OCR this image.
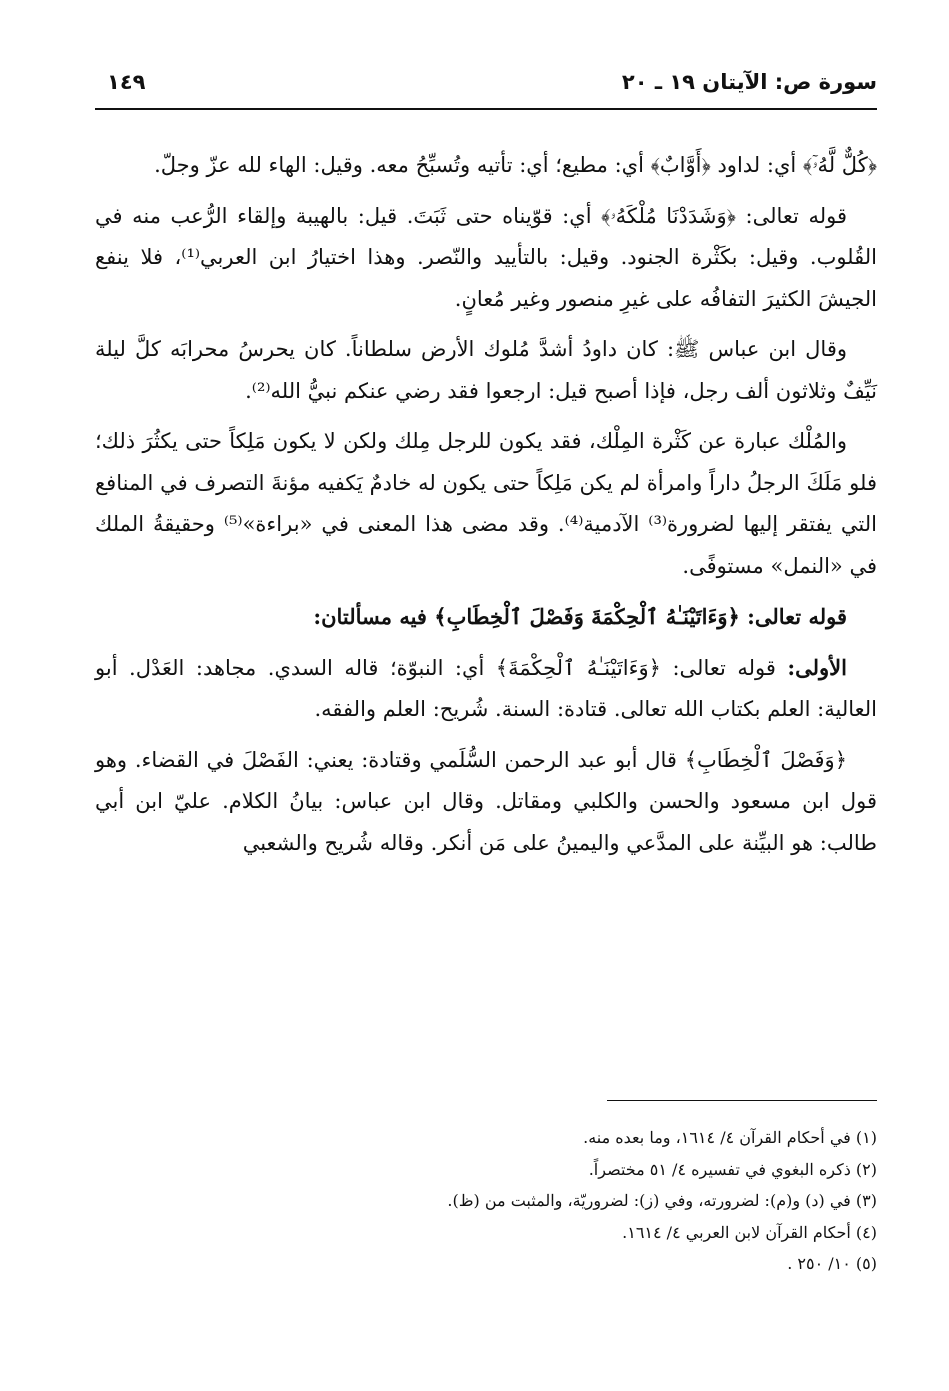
سورة ص: الآيتان ١٩ ـ ٢٠
١٤٩

﴿كُلٌّ لَّهُۥٓ﴾ أي: لداود ﴿أَوَّابٌ﴾ أي: مطيع؛ أي: تأتيه وتُسبِّحُ معه. وقيل: الهاء لله عزّ وجلّ.

قوله تعالى: ﴿وَشَدَدْنَا مُلْكَهُۥ﴾ أي: قوّيناه حتى ثَبَتَ. قيل: بالهيبة وإلقاء الرُّعب منه في القُلوب. وقيل: بكَثْرة الجنود. وقيل: بالتأييد والنّصر. وهذا اختيارُ ابن العربي⁽¹⁾، فلا ينفع الجيشَ الكثيرَ التفافُه على غيرِ منصور وغير مُعانٍ.

وقال ابن عباس ﷺ: كان داودُ أشدَّ مُلوك الأرض سلطاناً. كان يحرسُ محرابَه كلَّ ليلة نَيِّفٌ وثلاثون ألف رجل، فإذا أصبح قيل: ارجعوا فقد رضي عنكم نبيُّ الله⁽²⁾.

والمُلْك عبارة عن كَثْرة المِلْك، فقد يكون للرجل مِلك ولكن لا يكون مَلِكاً حتى يكثُرَ ذلك؛ فلو مَلَكَ الرجلُ داراً وامرأة لم يكن مَلِكاً حتى يكون له خادمٌ يَكفيه مؤنةَ التصرف في المنافع التي يفتقر إليها لضرورة⁽³⁾ الآدمية⁽⁴⁾. وقد مضى هذا المعنى في «براءة»⁽⁵⁾ وحقيقةُ الملك في «النمل» مستوفًى.

قوله تعالى: ﴿وَءَاتَيْنَـٰهُ ٱلْحِكْمَةَ وَفَصْلَ ٱلْخِطَابِ﴾ فيه مسألتان:

الأولى: قوله تعالى: ﴿وَءَاتَيْنَـٰهُ ٱلْحِكْمَةَ﴾ أي: النبوّة؛ قاله السدي. مجاهد: العَدْل. أبو العالية: العلم بكتاب الله تعالى. قتادة: السنة. شُريح: العلم والفقه.

﴿وَفَصْلَ ٱلْخِطَابِ﴾ قال أبو عبد الرحمن السُّلَمي وقتادة: يعني: الفَصْلَ في القضاء. وهو قول ابن مسعود والحسن والكلبي ومقاتل. وقال ابن عباس: بيانُ الكلام. عليّ ابن أبي طالب: هو البيِّنة على المدَّعي واليمينُ على مَن أنكر. وقاله شُريح والشعبي

(١) في أحكام القرآن ٤/ ١٦١٤، وما بعده منه.

(٢) ذكره البغوي في تفسيره ٤/ ٥١ مختصراً.

(٣) في (د) و(م): لضرورته، وفي (ز): لضروريّة، والمثبت من (ظ).

(٤) أحكام القرآن لابن العربي ٤/ ١٦١٤.

(٥) ١٠/ ٢٥٠ .
